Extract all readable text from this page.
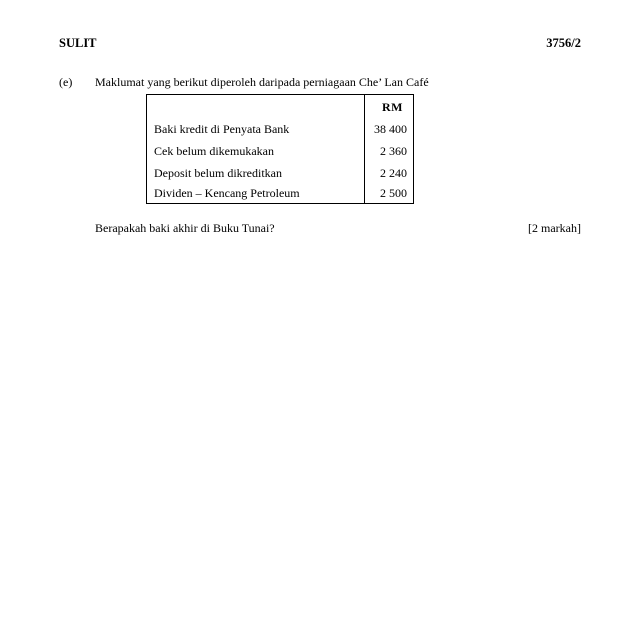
SULIT	3756/2
(e) Maklumat yang berikut diperoleh daripada perniagaan Che’ Lan Café
RM
Baki kredit di Penyata Bank	38 400
Cek belum dikemukakan	2 360
Deposit belum dikreditkan	2 240
Dividen – Kencang Petroleum	2 500
Berapakah baki akhir di Buku Tunai?	[2 markah]
